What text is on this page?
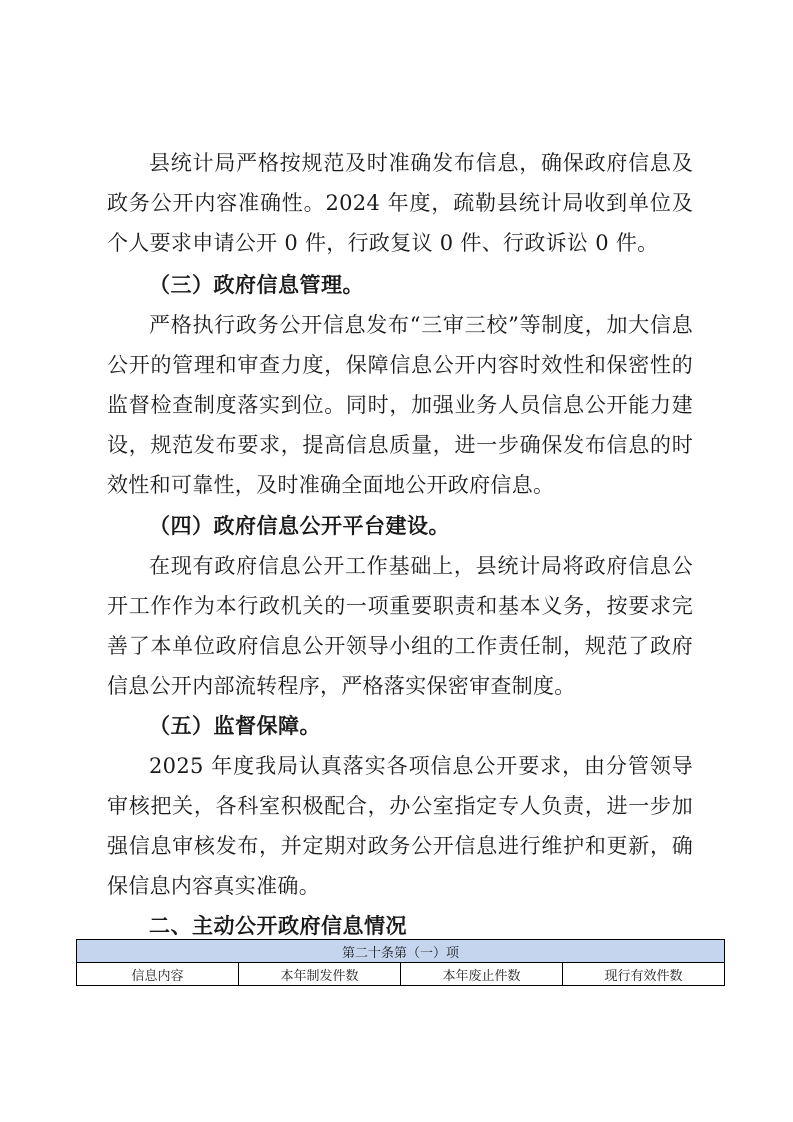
县统计局严格按规范及时准确发布信息，确保政府信息及政务公开内容准确性。2024 年度，疏勒县统计局收到单位及个人要求申请公开 0 件，行政复议 0 件、行政诉讼 0 件。
（三）政府信息管理。
严格执行政务公开信息发布“三审三校”等制度，加大信息公开的管理和审查力度，保障信息公开内容时效性和保密性的监督检查制度落实到位。同时，加强业务人员信息公开能力建设，规范发布要求，提高信息质量，进一步确保发布信息的时效性和可靠性，及时准确全面地公开政府信息。
（四）政府信息公开平台建设。
在现有政府信息公开工作基础上，县统计局将政府信息公开工作作为本行政机关的一项重要职责和基本义务，按要求完善了本单位政府信息公开领导小组的工作责任制，规范了政府信息公开内部流转程序，严格落实保密审查制度。
（五）监督保障。
2025 年度我局认真落实各项信息公开要求，由分管领导审核把关，各科室积极配合，办公室指定专人负责，进一步加强信息审核发布，并定期对政务公开信息进行维护和更新，确保信息内容真实准确。
二、主动公开政府信息情况
第二十条第（一）项
信息内容	本年制发件数	本年废止件数	现行有效件数
